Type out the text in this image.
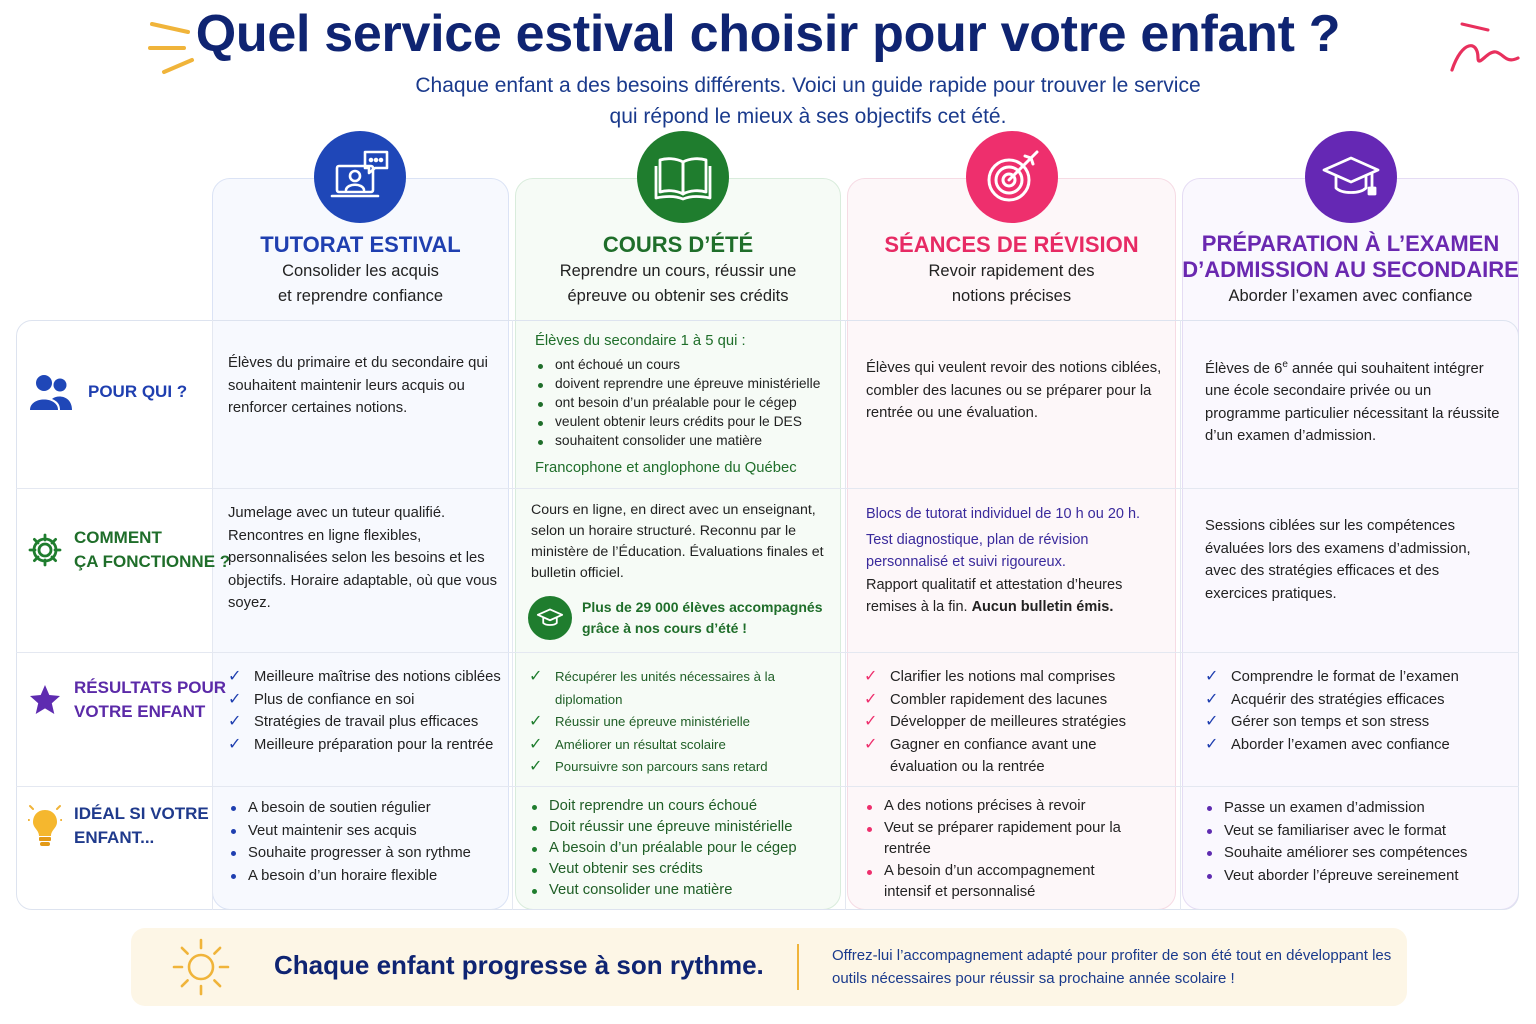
Quel service estival choisir pour votre enfant ?
Chaque enfant a des besoins différents. Voici un guide rapide pour trouver le service
qui répond le mieux à ses objectifs cet été.
TUTORAT ESTIVAL
Consolider les acquis
et reprendre confiance
COURS D’ÉTÉ
Reprendre un cours, réussir une
épreuve ou obtenir ses crédits
SÉANCES DE RÉVISION
Revoir rapidement des
notions précises
PRÉPARATION À L’EXAMEN
D’ADMISSION AU SECONDAIRE
Aborder l’examen avec confiance
POUR QUI ?
COMMENT
ÇA FONCTIONNE ?
RÉSULTATS POUR
VOTRE ENFANT
IDÉAL SI VOTRE
ENFANT...
Élèves du primaire et du secondaire qui souhaitent maintenir leurs acquis ou renforcer certaines notions.
Élèves du secondaire 1 à 5 qui :
ont échoué un cours
doivent reprendre une épreuve ministérielle
ont besoin d’un préalable pour le cégep
veulent obtenir leurs crédits pour le DES
souhaitent consolider une matière
Francophone et anglophone du Québec
Élèves qui veulent revoir des notions ciblées, combler des lacunes ou se préparer pour la rentrée ou une évaluation.
Élèves de 6e année qui souhaitent intégrer une école secondaire privée ou un programme particulier nécessitant la réussite d’un examen d’admission.
Jumelage avec un tuteur qualifié. Rencontres en ligne flexibles, personnalisées selon les besoins et les objectifs. Horaire adaptable, où que vous soyez.
Cours en ligne, en direct avec un enseignant, selon un horaire structuré. Reconnu par le ministère de l’Éducation. Évaluations finales et bulletin officiel.
Plus de 29 000 élèves accompagnés
grâce à nos cours d’été !

Blocs de tutorat individuel de 10 h ou 20 h.

Test diagnostique, plan de révision personnalisé et suivi rigoureux.

Rapport qualitatif et attestation d’heures remises à la fin. Aucun bulletin émis.

Sessions ciblées sur les compétences évaluées lors des examens d’admission, avec des stratégies efficaces et des exercices pratiques.
✓ Meilleure maîtrise des notions ciblées
✓ Plus de confiance en soi
✓ Stratégies de travail plus efficaces
✓ Meilleure préparation pour la rentrée
✓ Récupérer les unités nécessaires à la diplomation
✓ Réussir une épreuve ministérielle
✓ Améliorer un résultat scolaire
✓ Poursuivre son parcours sans retard
✓ Clarifier les notions mal comprises
✓ Combler rapidement des lacunes
✓ Développer de meilleures stratégies
✓ Gagner en confiance avant une évaluation ou la rentrée
✓ Comprendre le format de l’examen
✓ Acquérir des stratégies efficaces
✓ Gérer son temps et son stress
✓ Aborder l’examen avec confiance
A besoin de soutien régulier
Veut maintenir ses acquis
Souhaite progresser à son rythme
A besoin d’un horaire flexible
Doit reprendre un cours échoué
Doit réussir une épreuve ministérielle
A besoin d’un préalable pour le cégep
Veut obtenir ses crédits
Veut consolider une matière
A des notions précises à revoir
Veut se préparer rapidement pour la rentrée
A besoin d’un accompagnement intensif et personnalisé
Passe un examen d’admission
Veut se familiariser avec le format
Souhaite améliorer ses compétences
Veut aborder l’épreuve sereinement
Chaque enfant progresse à son rythme.	Offrez-lui l’accompagnement adapté pour profiter de son été tout en développant les outils nécessaires pour réussir sa prochaine année scolaire !
